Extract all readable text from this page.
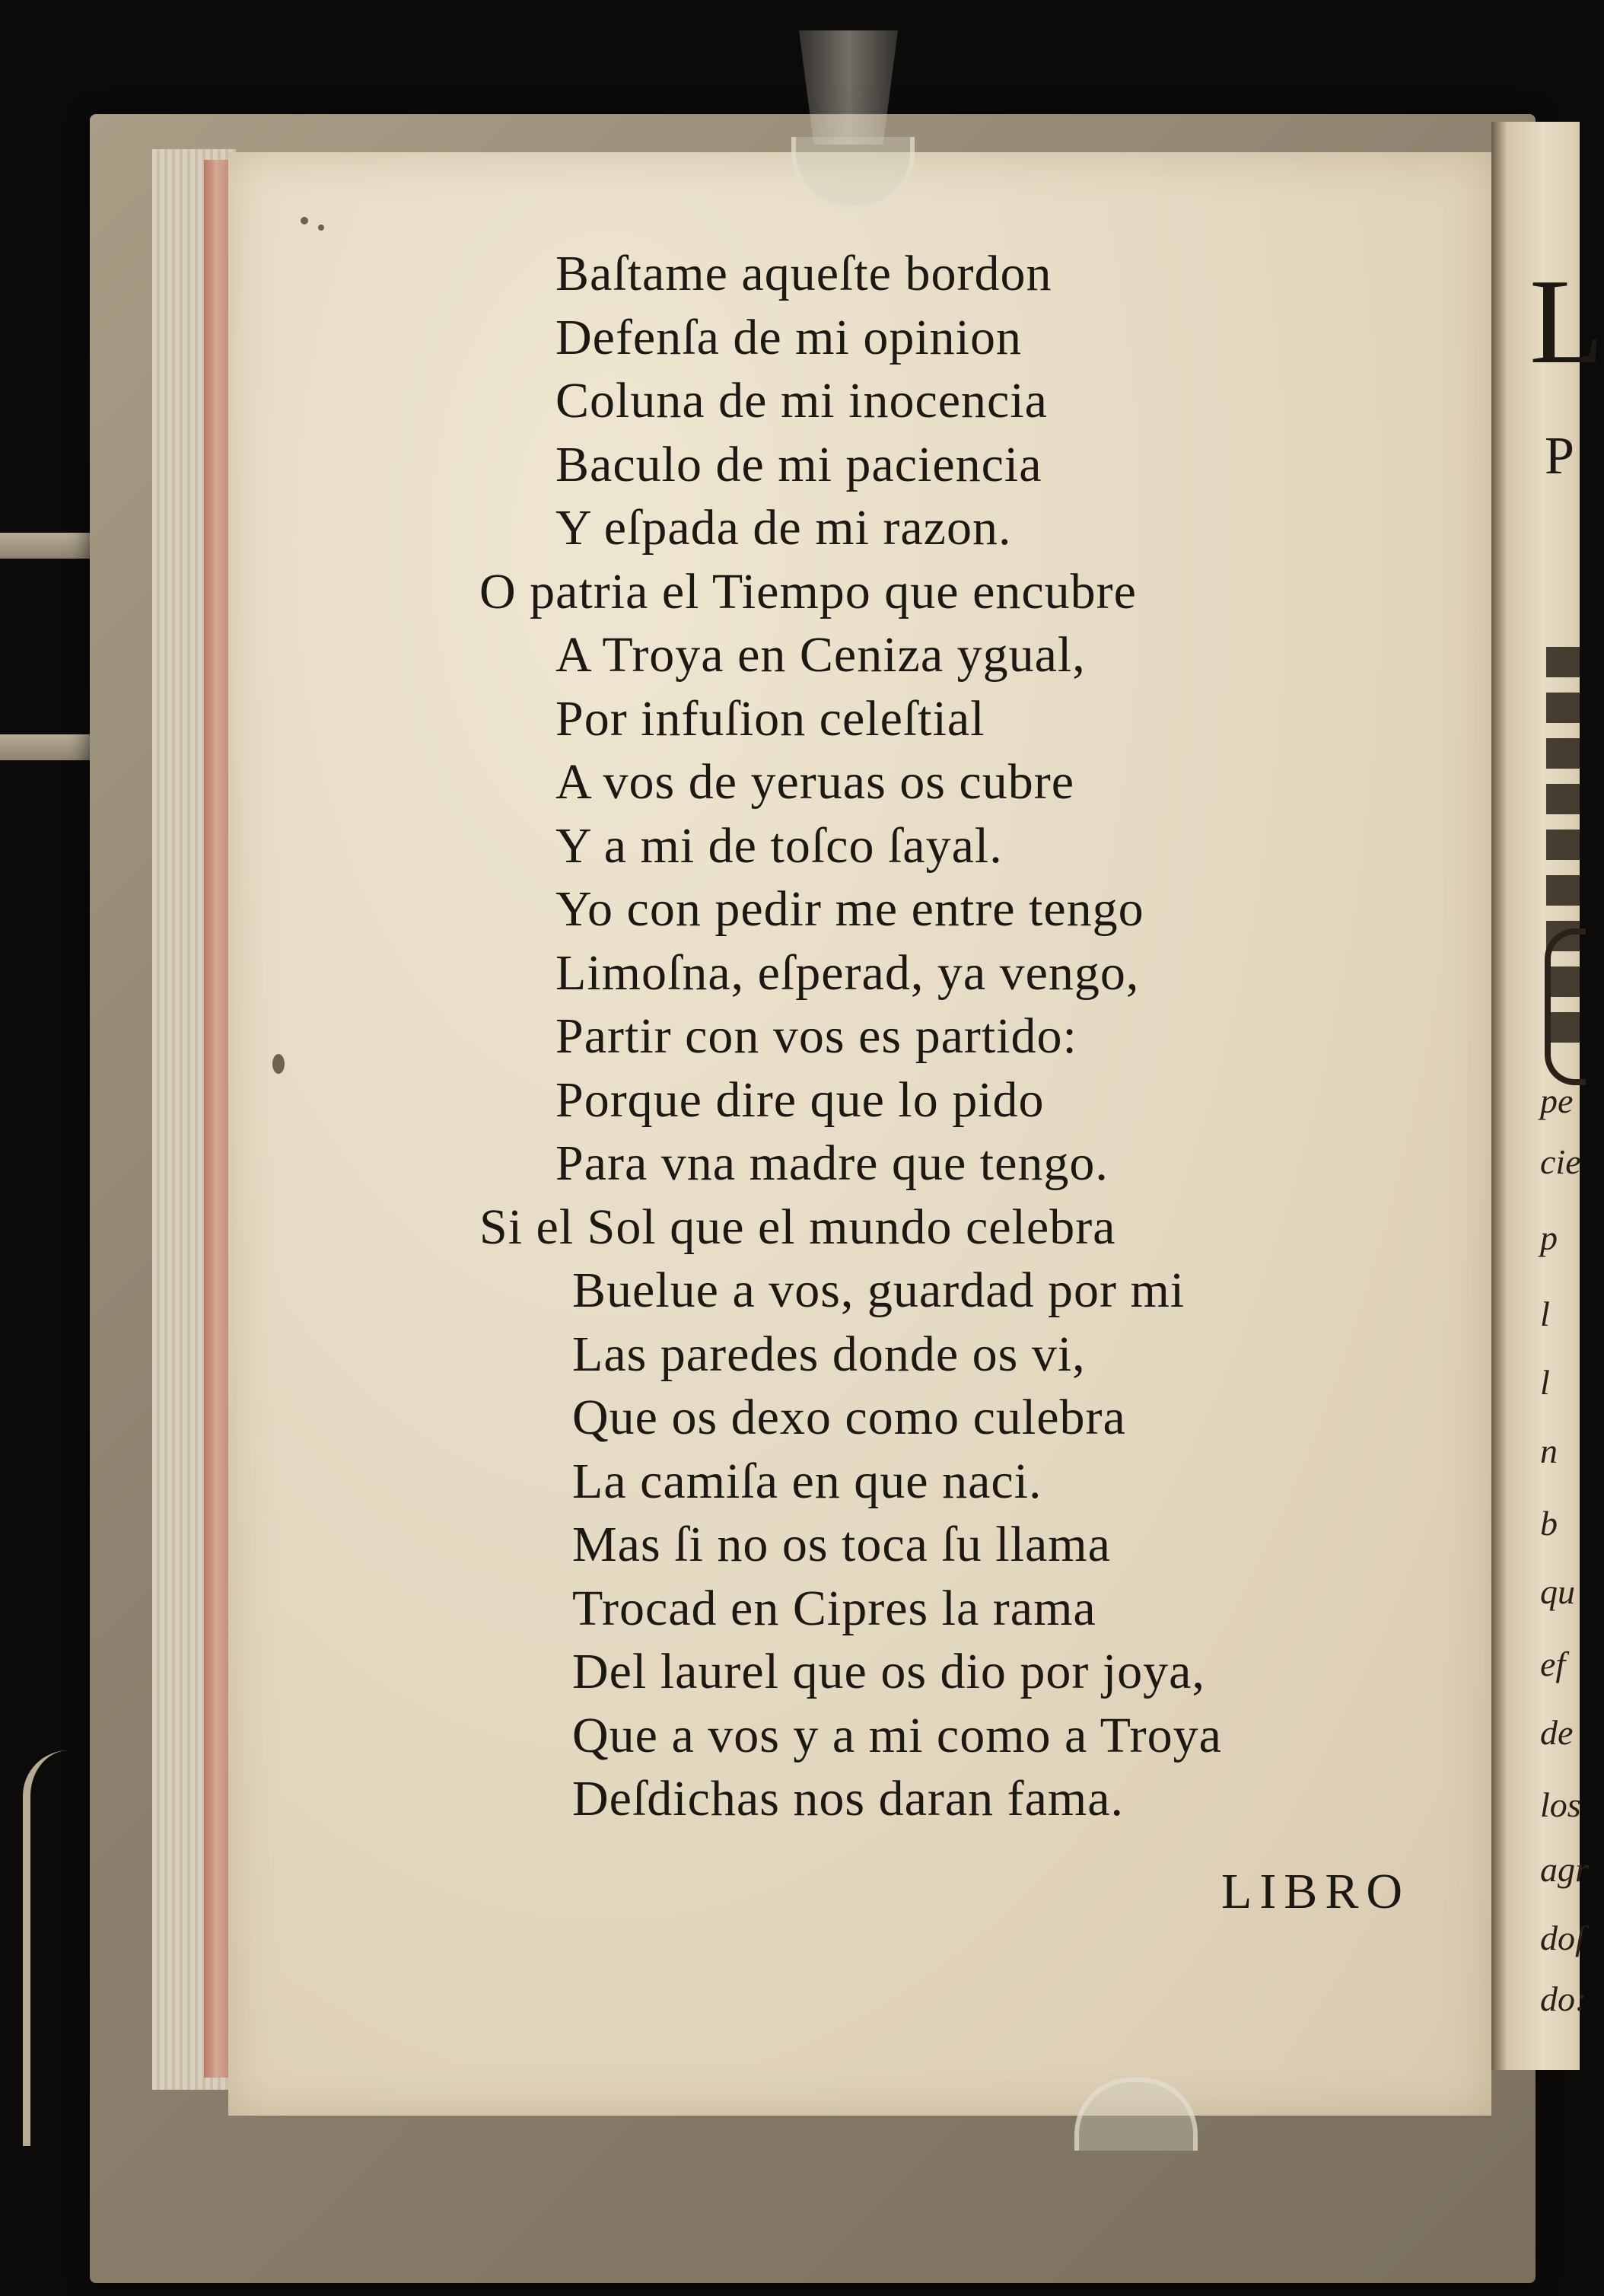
Baſtame aqueſte bordon
Defenſa de mi opinion
Coluna de mi inocencia
Baculo de mi paciencia
Y eſpada de mi razon.
O patria el Tiempo que encubre
A Troya en Ceniza ygual,
Por infuſion celeſtial
A vos de yeruas os cubre
Y a mi de toſco ſayal.
Yo con pedir me entre tengo
Limoſna, eſperad, ya vengo,
Partir con vos es partido:
Porque dire que lo pido
Para vna madre que tengo.
Si el Sol que el mundo celebra
Buelue a vos, guardad por mi
Las paredes donde os vi,
Que os dexo como culebra
La camiſa en que naci.
Mas ſi no os toca ſu llama
Trocad en Cipres la rama
Del laurel que os dio por joya,
Que a vos y a mi como a Troya
Deſdichas nos daran fama.
LIBRO
L
P
pe
cie
p
l
l
n
b
qu
ef
de
los
agr
doſ
do:
